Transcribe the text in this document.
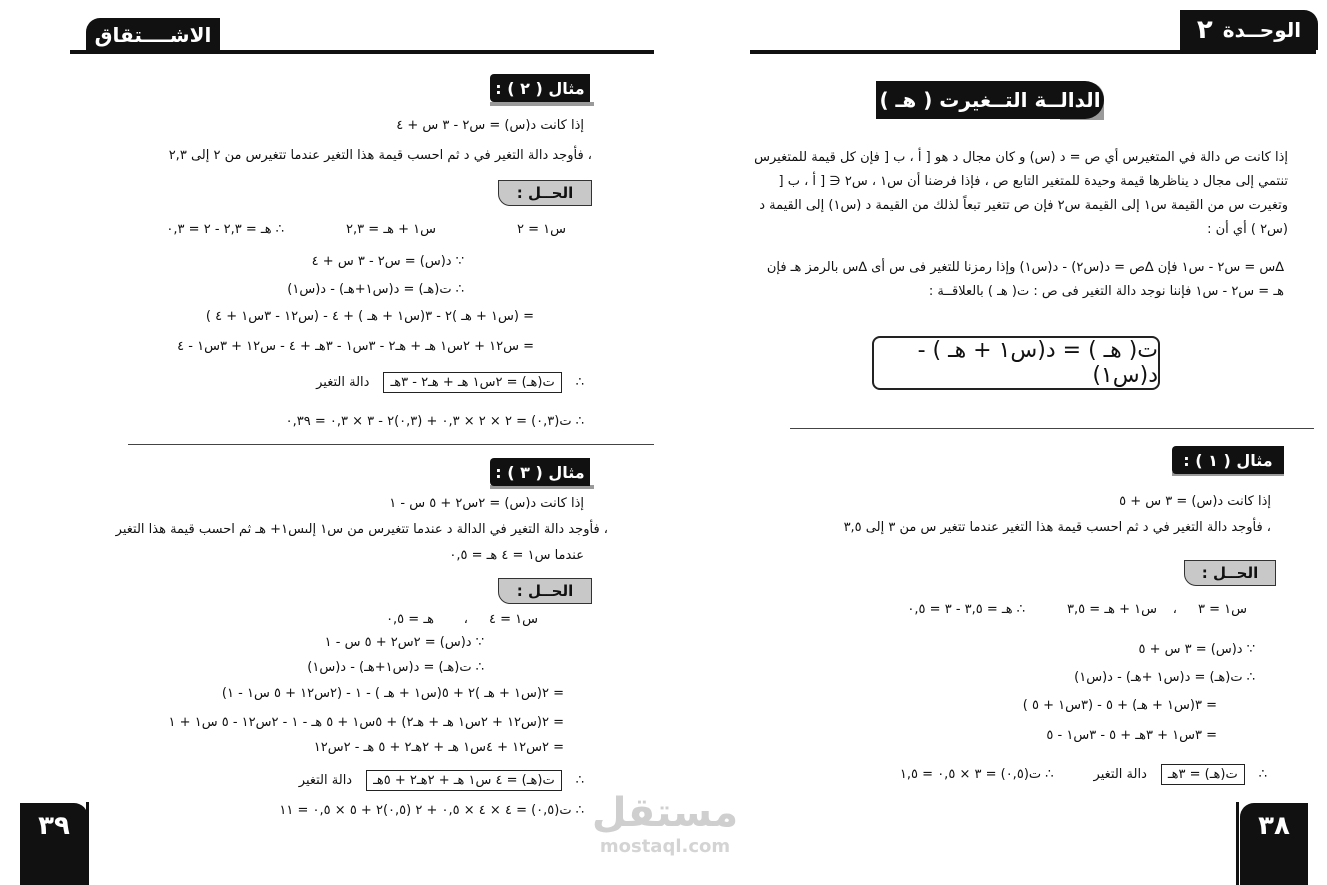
الاشــــتقاق
مثال ( ٢ ) :
إذا كانت د(س) = س٢ - ٣ س + ٤
، فأوجد دالة التغير في د ثم احسب قيمة هذا التغير عندما تتغيرس من ٢ إلى ٢,٣
الحــل :
س١ = ٢
س١ + هـ = ٢,٣
∴ هـ = ٢,٣ - ٢ = ٠,٣
∵ د(س) = س٢ - ٣ س + ٤
∴ ت(هـ) = د(س١+هـ) - د(س١)
= (س١ + هـ )٢ - ٣(س١ + هـ ) + ٤ - (س١٢ - ٣س١ + ٤ )
= س١٢ + ٢س١ هـ + هـ٢ - ٣س١ - ٣هـ + ٤ - س١٢ + ٣س١ - ٤
∴
ت(هـ) = ٢س١ هـ + هـ٢ - ٣هـ
دالة التغير
∴ ت(٠,٣) = ٢ × ٢ × ٠,٣ + (٠,٣)٢ - ٣ × ٠,٣ = ٠,٣٩
مثال ( ٣ ) :
إذا كانت د(س) = ٢س٢ + ٥ س - ١
، فأوجد دالة التغير في الدالة د عندما تتغيرس من س١ إلىس١+ هـ ثم احسب قيمة هذا التغير
عندما س١ = ٤ هـ = ٠,٥
الحــل :
س١ = ٤
،
هـ = ٠,٥
∵ د(س) = ٢س٢ + ٥ س - ١
∴ ت(هـ) = د(س١+هـ) - د(س١)
= ٢(س١ + هـ )٢ + ٥(س١ + هـ ) - ١ - (٢س١٢ + ٥ س١ - ١)
= ٢(س١٢ + ٢س١ هـ + هـ٢) + ٥س١ + ٥ هـ - ١ - ٢س١٢ - ٥ س١ + ١
= ٢س١٢ + ٤س١ هـ + ٢هـ٢ + ٥ هـ - ٢س١٢
∴
ت(هـ) = ٤ س١ هـ + ٢هـ٢ + ٥هـ
دالة التغير
∴ ت(٠,٥) = ٤ × ٤ × ٠,٥ + ٢ (٠,٥)٢ + ٥ × ٠,٥ = ١١
٣٩
الوحــدة
٢
الدالــة التــغيرت ( هـ )
إذا كانت ص دالة في المتغيرس أي ص = د (س) و كان مجال د هو [ ﺃ ، ب [ فإن كل قيمة للمتغيرس تنتمي إلى مجال د يناظرها قيمة وحيدة للمتغير التابع ص ، فإذا فرضنا أن س١ ، س٢ ∈ [ ﺃ ، ب [ وتغيرت س من القيمة س١ إلى القيمة س٢ فإن ص تتغير تبعاً لذلك من القيمة د (س١) إلى القيمة د (س٢ ) أي أن :
∆س = س٢ - س١ فإن ∆ص = د(س٢) - د(س١) وإذا رمزنا للتغير فى س أى ∆س بالرمز هـ فإن هـ = س٢ - س١ فإننا نوجد دالة التغير فى ص : ت( هـ ) بالعلاقــة :
ت( هـ ) = د(س١ + هـ ) - د(س١)
مثال ( ١ ) :
إذا كانت د(س) = ٣ س + ٥
، فأوجد دالة التغير في د ثم احسب قيمة هذا التغير عندما تتغير س من ٣ إلى ٣,٥
الحــل :
س١ = ٣
،
س١ + هـ = ٣,٥
∴ هـ = ٣,٥ - ٣ = ٠,٥
∵ د(س) = ٣ س + ٥
∴ ت(هـ) = د(س١ +هـ) - د(س١)
= ٣(س١ + هـ) + ٥ - (٣س١ + ٥ )
= ٣س١ + ٣هـ + ٥ - ٣س١ - ٥
∴
ت(هـ) = ٣هـ
دالة التغير
∴ ت(٠,٥) = ٣ × ٠,٥ = ١,٥
٣٨
مستقل
mostaql.com
